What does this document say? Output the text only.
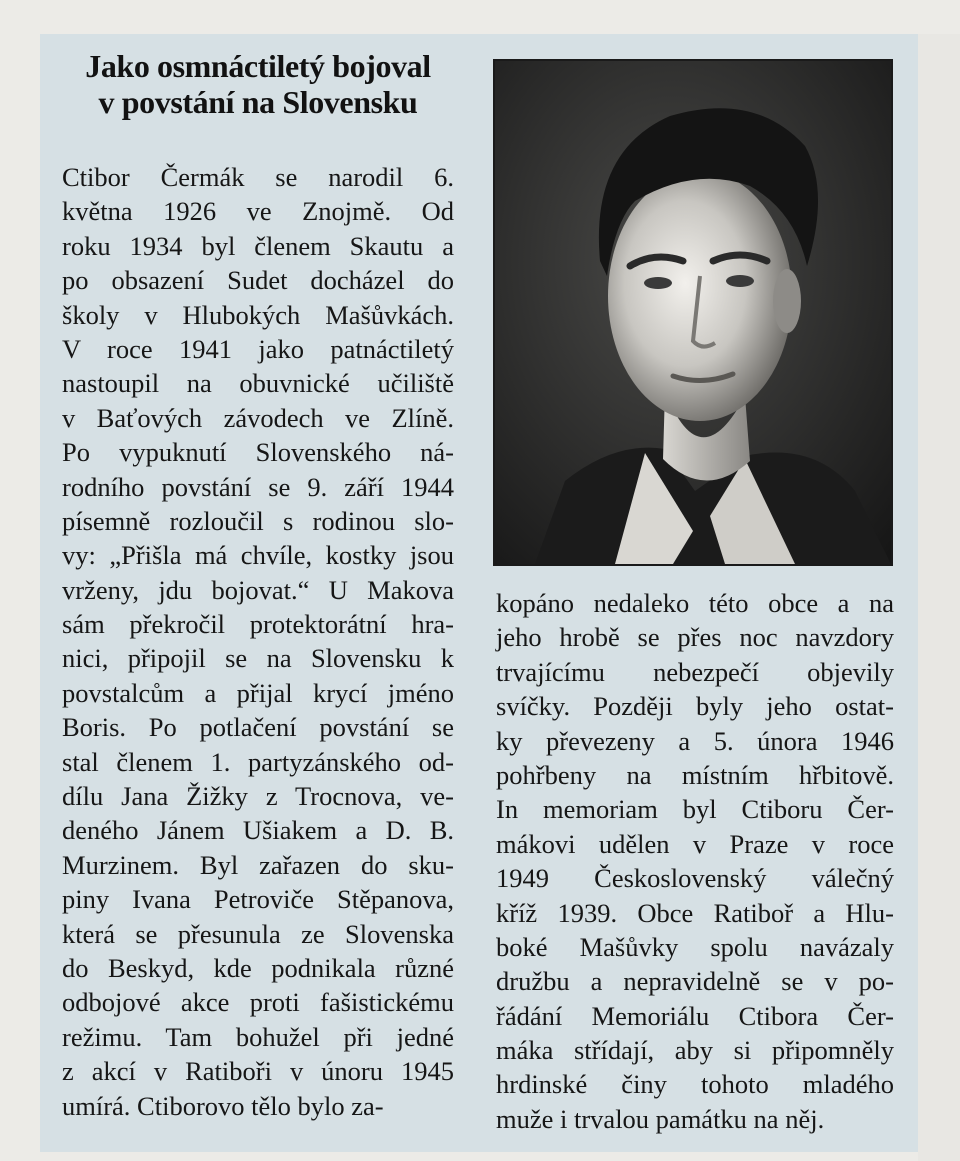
Jako osmnáctiletý bojoval
v povstání na Slovensku
Ctibor Čermák se narodil 6.
května 1926 ve Znojmě. Od
roku 1934 byl členem Skautu a
po obsazení Sudet docházel do
školy v Hlubokých Mašůvkách.
V roce 1941 jako patnáctiletý
nastoupil na obuvnické učiliště
v Baťových závodech ve Zlíně.
Po vypuknutí Slovenského ná-
rodního povstání se 9. září 1944
písemně rozloučil s rodinou slo-
vy: „Přišla má chvíle, kostky jsou
vrženy, jdu bojovat.“ U Makova
sám překročil protektorátní hra-
nici, připojil se na Slovensku k
povstalcům a přijal krycí jméno
Boris. Po potlačení povstání se
stal členem 1. partyzánského od-
dílu Jana Žižky z Trocnova, ve-
deného Jánem Ušiakem a D. B.
Murzinem. Byl zařazen do sku-
piny Ivana Petroviče Stěpanova,
která se přesunula ze Slovenska
do Beskyd, kde podnikala různé
odbojové akce proti fašistickému
režimu. Tam bohužel při jedné
z akcí v Ratiboři v únoru 1945
umírá. Ctiborovo tělo bylo za-
kopáno nedaleko této obce a na
jeho hrobě se přes noc navzdory
trvajícímu nebezpečí objevily
svíčky. Později byly jeho ostat-
ky převezeny a 5. února 1946
pohřbeny na místním hřbitově.
In memoriam byl Ctiboru Čer-
mákovi udělen v Praze v roce
1949 Československý válečný
kříž 1939. Obce Ratiboř a Hlu-
boké Mašůvky spolu navázaly
družbu a nepravidelně se v po-
řádání Memoriálu Ctibora Čer-
máka střídají, aby si připomněly
hrdinské činy tohoto mladého
muže i trvalou památku na něj.
